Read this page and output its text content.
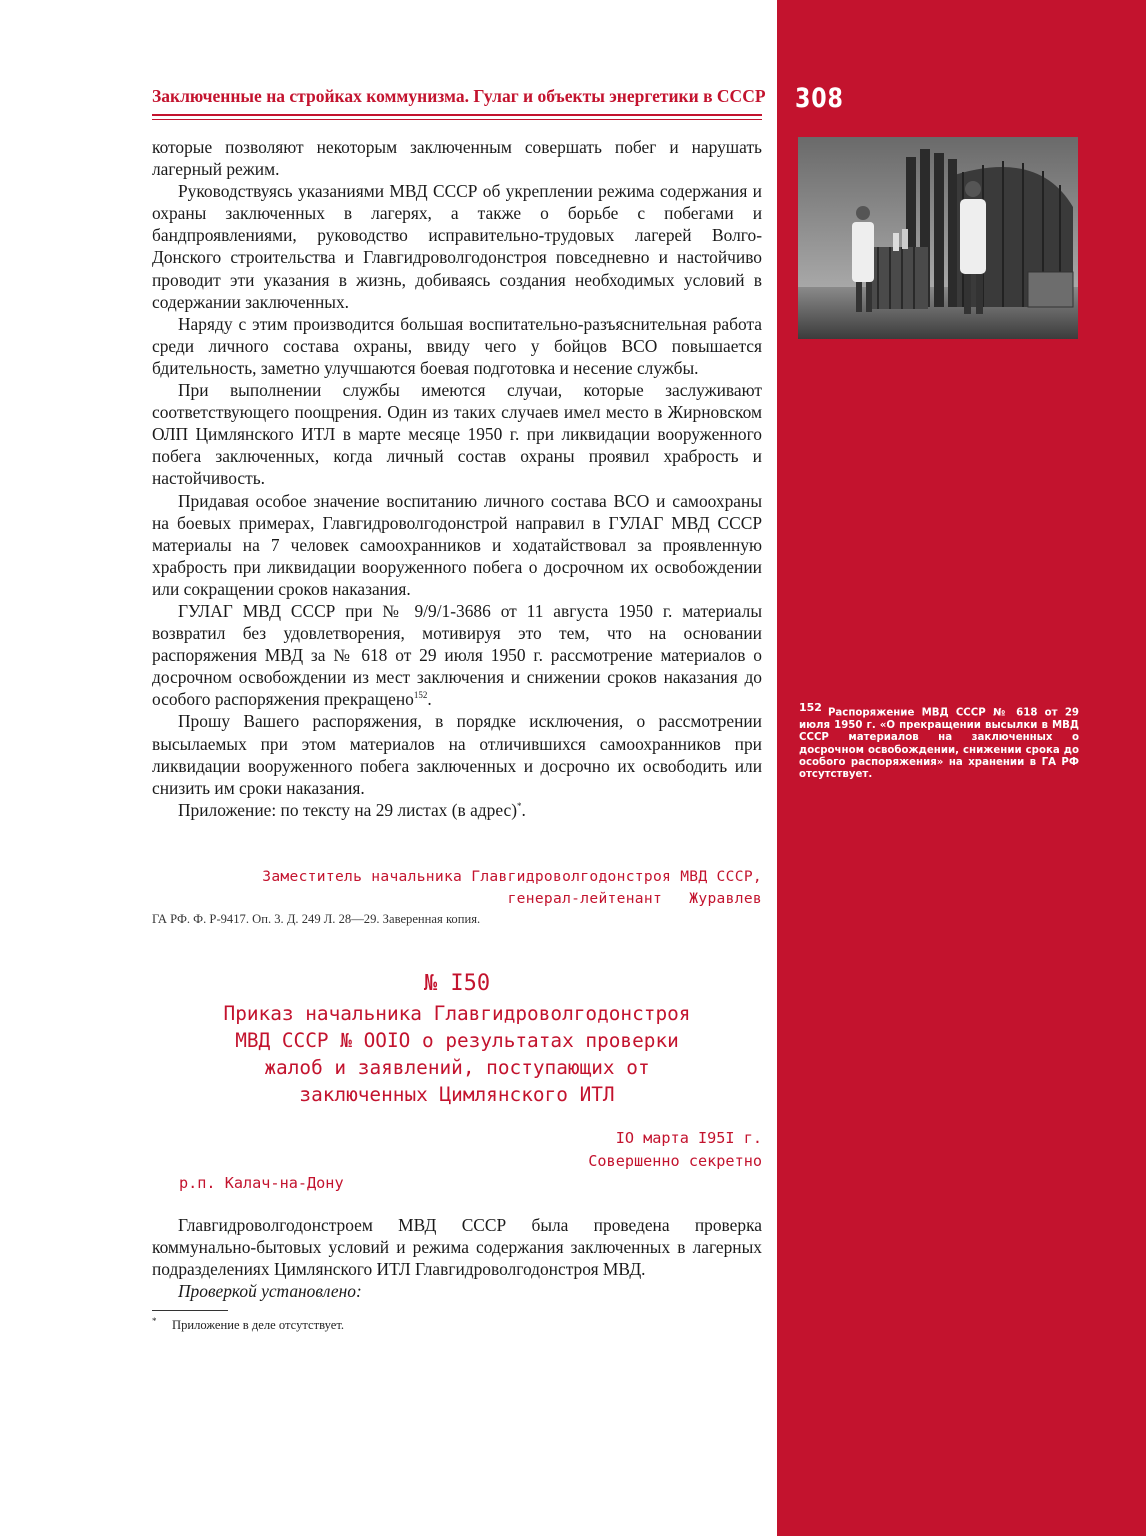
Заключенные на стройках коммунизма. Гулаг и объекты энергетики в СССР 308
152 Распоряжение МВД СССР № 618 от 29 июля 1950 г. «О прекращении высылки в МВД СССР материалов на заключенных о досрочном освобождении, снижении срока до особого распоряжения» на хранении в ГА РФ отсутствует.

которые позволяют некоторым заключенным совершать побег и нарушать лагерный режим.

Руководствуясь указаниями МВД СССР об укреплении режима содержания и охраны заключенных в лагерях, а также о борьбе с побегами и бандпроявлениями, руководство исправительно-трудовых лагерей Волго-Донского строительства и Главгидроволгодонстроя повседневно и настойчиво проводит эти указания в жизнь, добиваясь создания необходимых условий в содержании заключенных.

Наряду с этим производится большая воспитательно-разъяснительная работа среди личного состава охраны, ввиду чего у бойцов ВСО повышается бдительность, заметно улучшаются боевая подготовка и несение службы.

При выполнении службы имеются случаи, которые заслуживают соответствующего поощрения. Один из таких случаев имел место в Жирновском ОЛП Цимлянского ИТЛ в марте месяце 1950 г. при ликвидации вооруженного побега заключенных, когда личный состав охраны проявил храбрость и настойчивость.

Придавая особое значение воспитанию личного состава ВСО и самоохраны на боевых примерах, Главгидроволгодонстрой направил в ГУЛАГ МВД СССР материалы на 7 человек самоохранников и ходатайствовал за проявленную храбрость при ликвидации вооруженного побега о досрочном их освобождении или сокращении сроков наказания.

ГУЛАГ МВД СССР при № 9/9/1-3686 от 11 августа 1950 г. материалы возвратил без удовлетворения, мотивируя это тем, что на основании распоряжения МВД за № 618 от 29 июля 1950 г. рассмотрение материалов о досрочном освобождении из мест заключения и снижении сроков наказания до особого распоряжения прекращено$^{152}$.

Прошу Вашего распоряжения, в порядке исключения, о рассмотрении высылаемых при этом материалов на отличившихся самоохранников при ликвидации вооруженного побега заключенных и досрочно их освободить или снизить им сроки наказания.

Приложение: по тексту на 29 листах (в адрес)*.

Заместитель начальника Главгидроволгодонстроя МВД СССР,
генерал-лейтенант   Журавлев
ГА РФ. Ф. Р-9417. Оп. 3. Д. 249 Л. 28—29. Заверенная копия.
№ I50
Приказ начальника Главгидроволгодонстроя
МВД СССР № OOIO о результатах проверки
жалоб и заявлений, поступающих от
заключенных Цимлянского ИТЛ
IO марта I95I г.
Совершенно секретно
р.п. Калач-на-Дону

Главгидроволгодонстроем МВД СССР была проведена проверка коммунально-бытовых условий и режима содержания заключенных в лагерных подразделениях Цимлянского ИТЛ Главгидроволгодонстроя МВД.

Проверкой установлено:

* Приложение в деле отсутствует.
